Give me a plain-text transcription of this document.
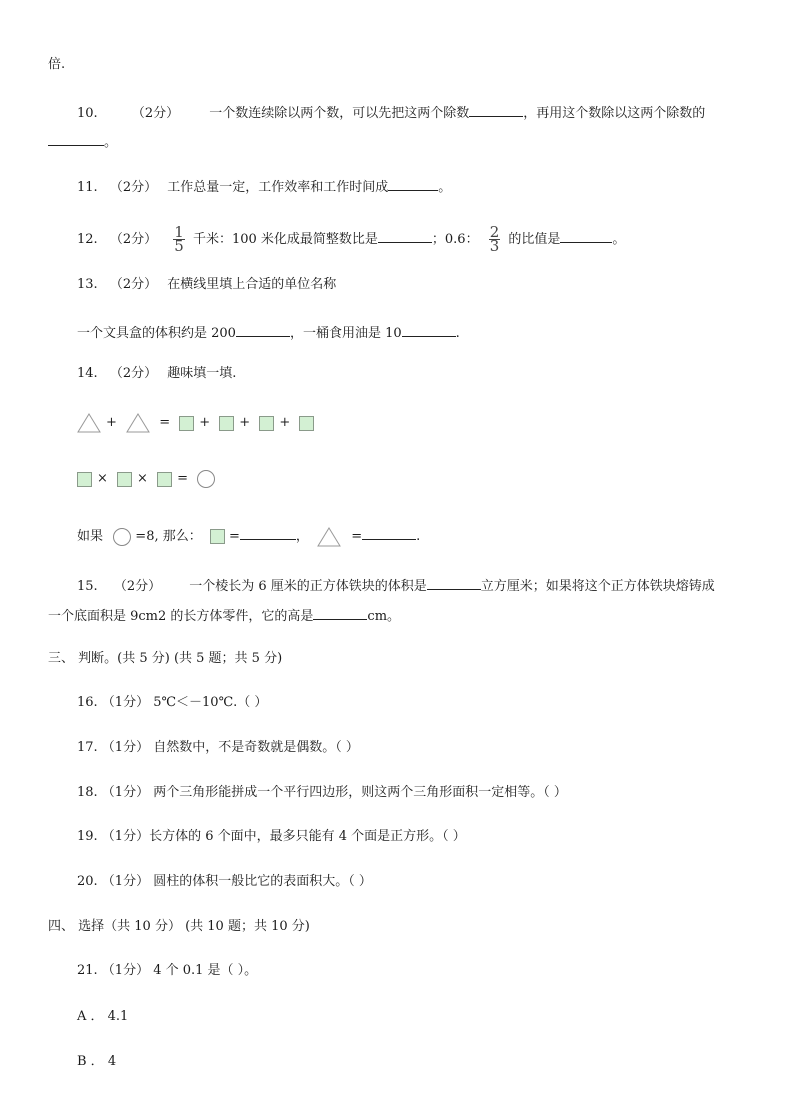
倍.
10.	（2分） 一个数连续除以两个数，可以先把这两个除数	，再用这个数除以这两个除数的
。
11. （2分） 工作总量一定，工作效率和工作时间成	。
12. （2分） $\frac{1}{5}$ 千米：100 米化成最简整数比是	；0.6： $\frac{2}{3}$ 的比值是	。
13. （2分） 在横线里填上合适的单位名称
一个文具盒的体积约是 200	，一桶食用油是 10	.
14. （2分） 趣味填一填.
+	= + + +
× × =
如果 =8, 那么： =	，	=	.
15. （2分） 一个棱长为 6 厘米的正方体铁块的体积是	立方厘米；如果将这个正方体铁块熔铸成
一个底面积是 9cm2 的长方体零件，它的高是	cm。
三、 判断。(共 5 分) (共 5 题；共 5 分)
16. （1分） 5℃＜－10℃.（ ）
17. （1分） 自然数中，不是奇数就是偶数。（ ）
18. （1分） 两个三角形能拼成一个平行四边形，则这两个三角形面积一定相等。（ ）
19. （1分）长方体的 6 个面中，最多只能有 4 个面是正方形。（ ）
20. （1分） 圆柱的体积一般比它的表面积大。（ ）
四、 选择（共 10 分） (共 10 题；共 10 分)
21. （1分） 4 个 0.1 是（ ）。
A ． 4.1
B ． 4
